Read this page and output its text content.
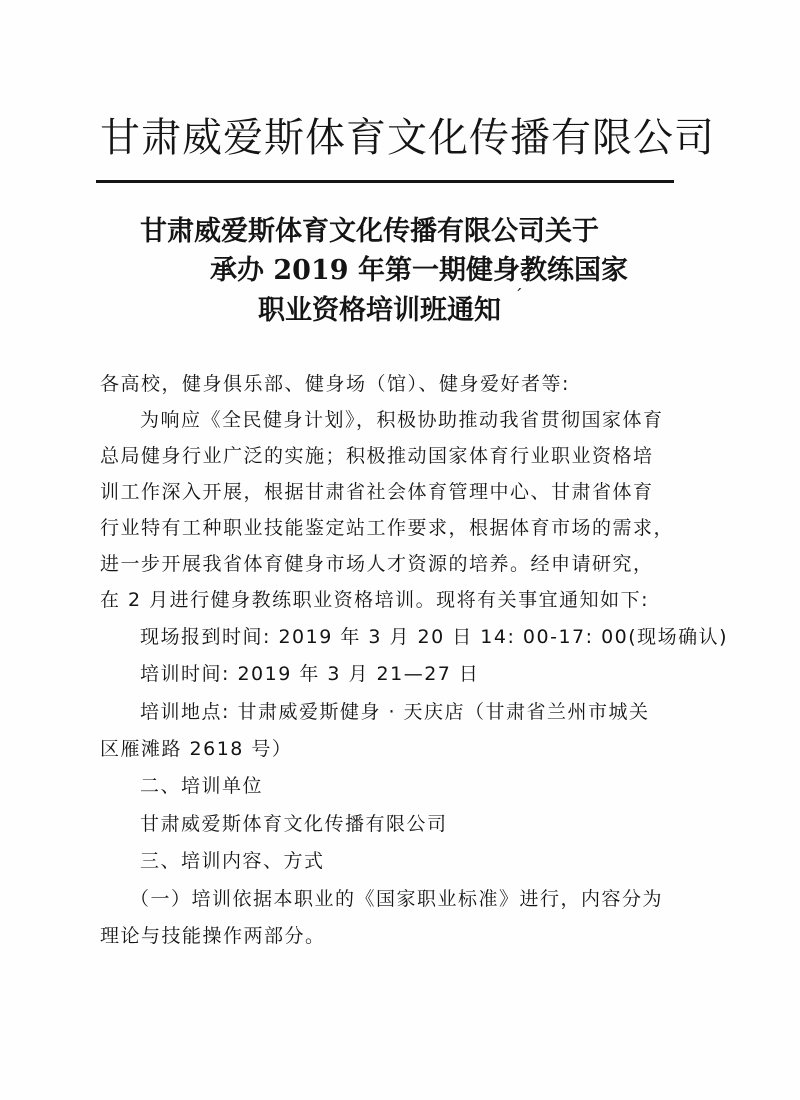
甘肃威爱斯体育文化传播有限公司
甘肃威爱斯体育文化传播有限公司关于
承办 2019 年第一期健身教练国家
职业资格培训班通知 ′
各高校，健身俱乐部、健身场（馆）、健身爱好者等:
为响应《全民健身计划》，积极协助推动我省贯彻国家体育
总局健身行业广泛的实施；积极推动国家体育行业职业资格培
训工作深入开展，根据甘肃省社会体育管理中心、甘肃省体育
行业特有工种职业技能鉴定站工作要求，根据体育市场的需求，
进一步开展我省体育健身市场人才资源的培养。经申请研究，
在 2 月进行健身教练职业资格培训。现将有关事宜通知如下:
现场报到时间: 2019 年 3 月 20 日 14: 00-17: 00(现场确认)
培训时间: 2019 年 3 月 21—27 日
培训地点: 甘肃威爱斯健身 · 天庆店（甘肃省兰州市城关
区雁滩路 2618 号）
二、培训单位
甘肃威爱斯体育文化传播有限公司
三、培训内容、方式
（一）培训依据本职业的《国家职业标准》进行，内容分为
理论与技能操作两部分。
